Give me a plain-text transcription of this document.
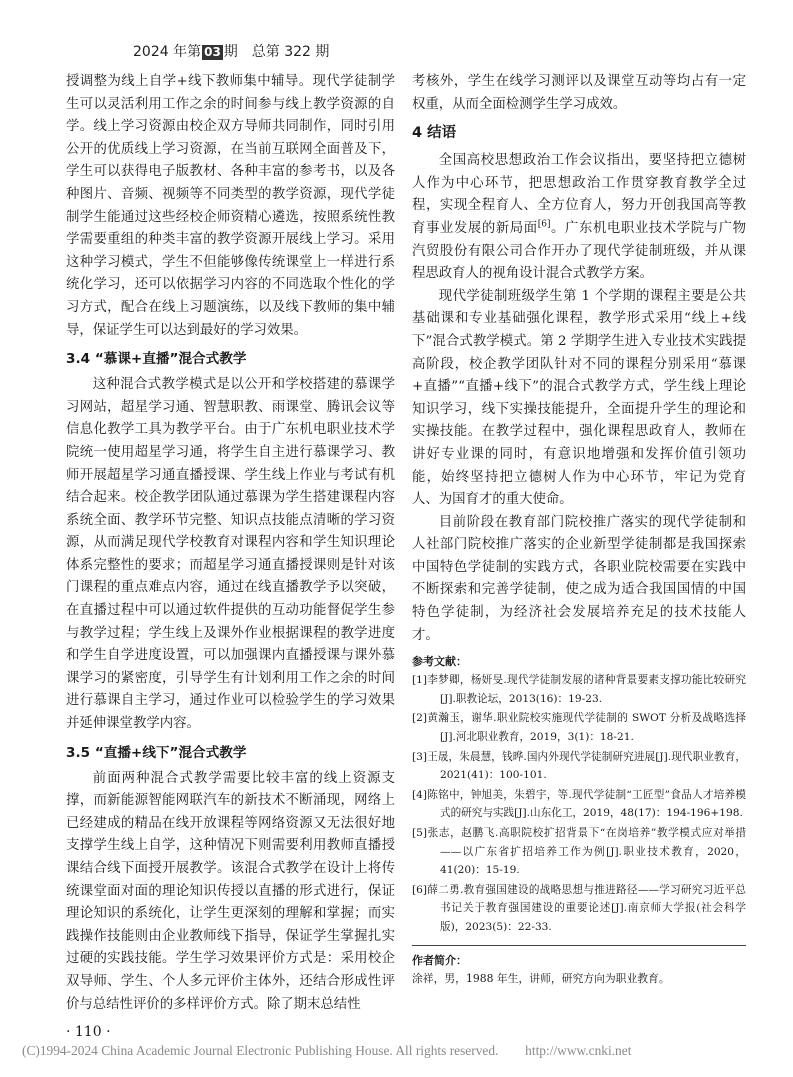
2024 年第 03 期　总第 322 期

授调整为线上自学+线下教师集中辅导。现代学徒制学生可以灵活利用工作之余的时间参与线上教学资源的自学。线上学习资源由校企双方导师共同制作，同时引用公开的优质线上学习资源，在当前互联网全面普及下，学生可以获得电子版教材、各种丰富的参考书，以及各种图片、音频、视频等不同类型的教学资源，现代学徒制学生能通过这些经校企师资精心遴选，按照系统性教学需要重组的种类丰富的教学资源开展线上学习。采用这种学习模式，学生不但能够像传统课堂上一样进行系统化学习，还可以依据学习内容的不同选取个性化的学习方式，配合在线上习题演练，以及线下教师的集中辅导，保证学生可以达到最好的学习效果。

3.4 “慕课+直播”混合式教学

这种混合式教学模式是以公开和学校搭建的慕课学习网站，超星学习通、智慧职教、雨课堂、腾讯会议等信息化教学工具为教学平台。由于广东机电职业技术学院统一使用超星学习通，将学生自主进行慕课学习、教师开展超星学习通直播授课、学生线上作业与考试有机结合起来。校企教学团队通过慕课为学生搭建课程内容系统全面、教学环节完整、知识点技能点清晰的学习资源，从而满足现代学校教育对课程内容和学生知识理论体系完整性的要求；而超星学习通直播授课则是针对该门课程的重点难点内容，通过在线直播教学予以突破，在直播过程中可以通过软件提供的互动功能督促学生参与教学过程；学生线上及课外作业根据课程的教学进度和学生自学进度设置，可以加强课内直播授课与课外慕课学习的紧密度，引导学生有计划利用工作之余的时间进行慕课自主学习，通过作业可以检验学生的学习效果并延伸课堂教学内容。

3.5 “直播+线下”混合式教学

前面两种混合式教学需要比较丰富的线上资源支撑，而新能源智能网联汽车的新技术不断涌现，网络上已经建成的精品在线开放课程等网络资源又无法很好地支撑学生线上自学，这种情况下则需要利用教师直播授课结合线下面授开展教学。该混合式教学在设计上将传统课堂面对面的理论知识传授以直播的形式进行，保证理论知识的系统化，让学生更深刻的理解和掌握；而实践操作技能则由企业教师线下指导，保证学生掌握扎实过硬的实践技能。学生学习效果评价方式是：采用校企双导师、学生、个人多元评价主体外，还结合形成性评价与总结性评价的多样评价方式。除了期末总结性

考核外，学生在线学习测评以及课堂互动等均占有一定权重，从而全面检测学生学习成效。

4 结语

全国高校思想政治工作会议指出，要坚持把立德树人作为中心环节，把思想政治工作贯穿教育教学全过程，实现全程育人、全方位育人，努力开创我国高等教育事业发展的新局面[6]。广东机电职业技术学院与广物汽贸股份有限公司合作开办了现代学徒制班级，并从课程思政育人的视角设计混合式教学方案。

现代学徒制班级学生第 1 个学期的课程主要是公共基础课和专业基础强化课程，教学形式采用“线上+线下”混合式教学模式。第 2 学期学生进入专业技术实践提高阶段，校企教学团队针对不同的课程分别采用“慕课+直播”“直播+线下”的混合式教学方式，学生线上理论知识学习，线下实操技能提升，全面提升学生的理论和实操技能。在教学过程中，强化课程思政育人，教师在讲好专业课的同时，有意识地增强和发挥价值引领功能，始终坚持把立德树人作为中心环节，牢记为党育人、为国育才的重大使命。

目前阶段在教育部门院校推广落实的现代学徒制和人社部门院校推广落实的企业新型学徒制都是我国探索中国特色学徒制的实践方式，各职业院校需要在实践中不断探索和完善学徒制，使之成为适合我国国情的中国特色学徒制，为经济社会发展培养充足的技术技能人才。

参考文献：
[1]李梦卿，杨妍旻.现代学徒制发展的诸种背景要素支撑功能比较研究[J].职教论坛，2013(16)：19-23.
[2]黄瀚玉，谢华.职业院校实施现代学徒制的 SWOT 分析及战略选择[J].河北职业教育，2019，3(1)：18-21.
[3]王晟，朱晨慧，钱晔.国内外现代学徒制研究进展[J].现代职业教育，2021(41)：100-101.
[4]陈铭中，钟旭美，朱碧宇，等.现代学徒制“工匠型”食品人才培养模式的研究与实践[J].山东化工，2019，48(17)：194-196+198.
[5]张志，赵鹏飞.高职院校扩招背景下“在岗培养”教学模式应对举措——以广东省扩招培养工作为例[J].职业技术教育，2020，41(20)：15-19.
[6]薛二勇.教育强国建设的战略思想与推进路径——学习研究习近平总书记关于教育强国建设的重要论述[J].南京师大学报(社会科学版)，2023(5)：22-33.
作者简介：
涂祥，男，1988 年生，讲师，研究方向为职业教育。
· 110 ·
(C)1994-2024 China Academic Journal Electronic Publishing House. All rights reserved.　　http://www.cnki.net
